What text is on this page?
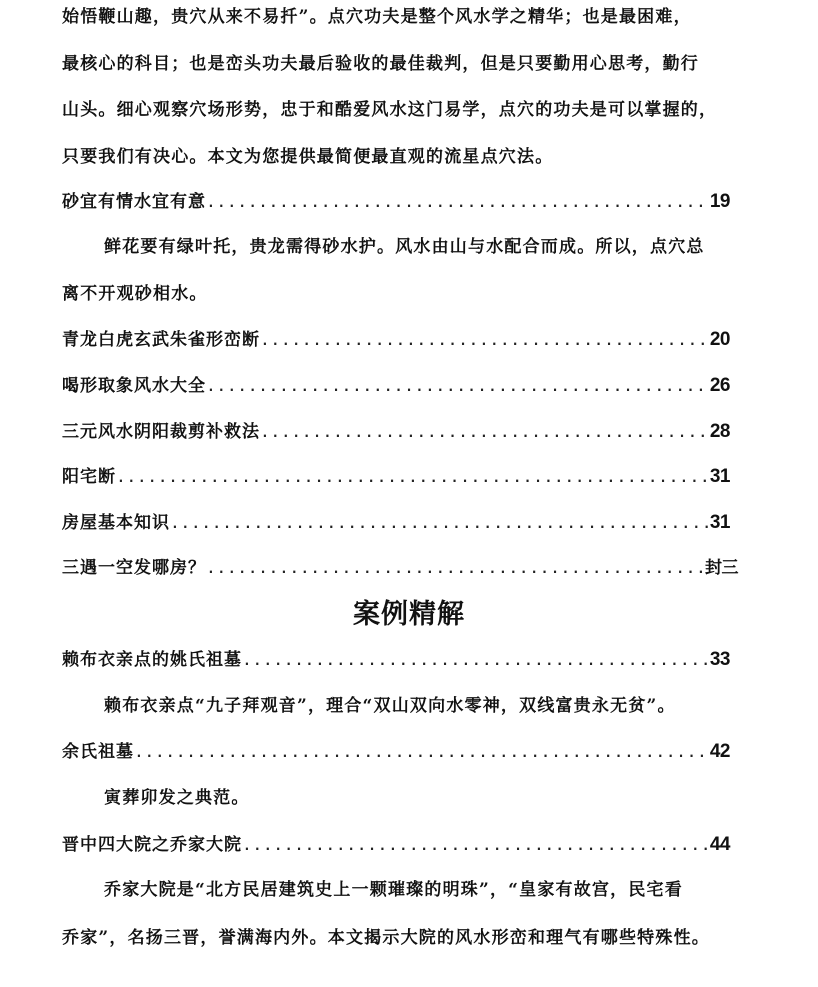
始悟鞭山趣，贵穴从来不易扦”。点穴功夫是整个风水学之精华；也是最困难，
最核心的科目；也是峦头功夫最后验收的最佳裁判，但是只要勤用心思考，勤行
山头。细心观察穴场形势，忠于和酷爱风水这门易学，点穴的功夫是可以掌握的，
只要我们有决心。本文为您提供最简便最直观的流星点穴法。
砂宜有情水宜有意 .....	19
鲜花要有绿叶托，贵龙需得砂水护。风水由山与水配合而成。所以，点穴总
离不开观砂相水。
青龙白虎玄武朱雀形峦断 .....	20
喝形取象风水大全 .....	26
三元风水阴阳裁剪补救法 .....	28
阳宅断 .....	31
房屋基本知识 .....	31
三遇一空发哪房？ .....	封三
案例精解
赖布衣亲点的姚氏祖墓 .....	33
赖布衣亲点“九子拜观音”，理合“双山双向水零神，双线富贵永无贫”。
余氏祖墓 .....	42
寅葬卯发之典范。
晋中四大院之乔家大院 .....	44
乔家大院是“北方民居建筑史上一颗璀璨的明珠”，“皇家有故宫，民宅看
乔家”，名扬三晋，誉满海内外。本文揭示大院的风水形峦和理气有哪些特殊性。
